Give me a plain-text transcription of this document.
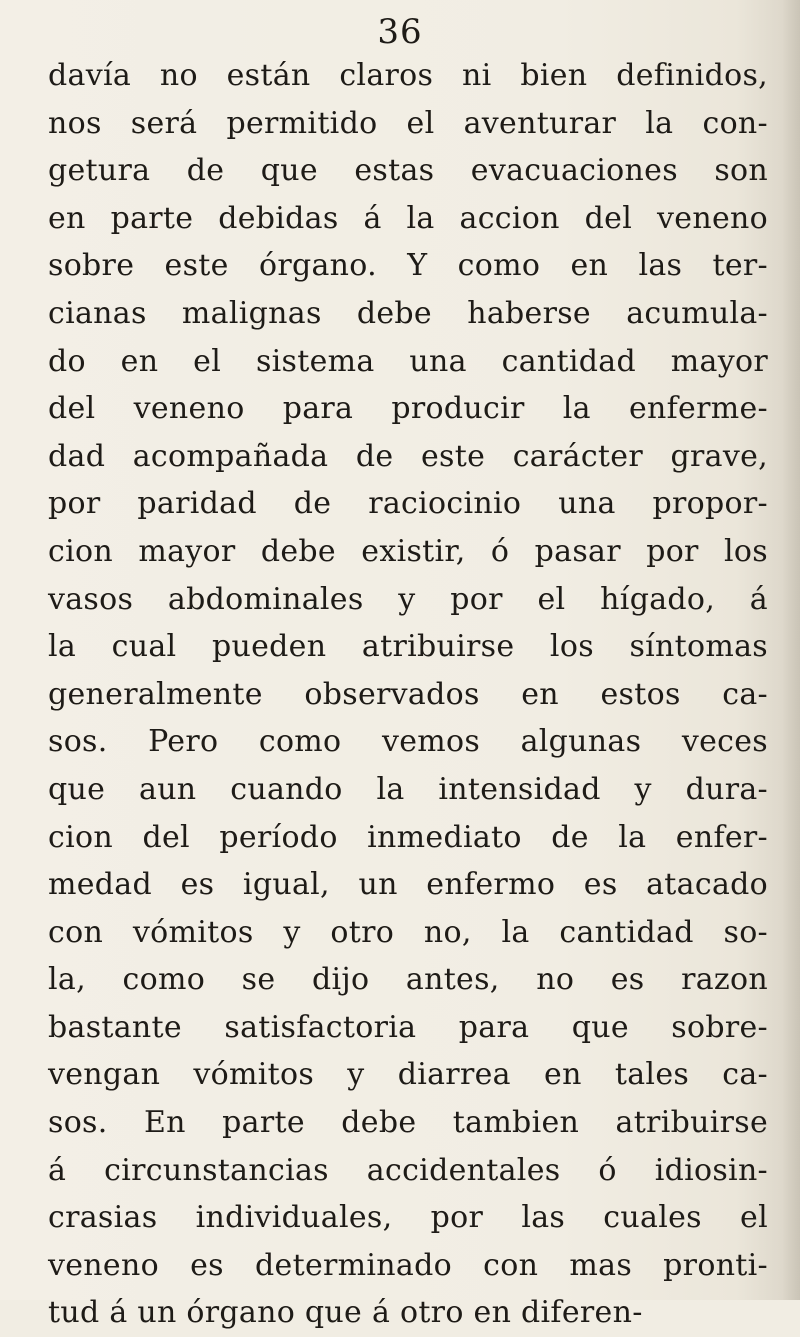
36
davía no están claros ni bien definidos,
nos será permitido el aventurar la con-
getura de que estas evacuaciones son
en parte debidas á la accion del veneno
sobre este órgano. Y como en las ter-
cianas malignas debe haberse acumula-
do en el sistema una cantidad mayor
del veneno para producir la enferme-
dad acompañada de este carácter grave,
por paridad de raciocinio una propor-
cion mayor debe existir, ó pasar por los
vasos abdominales y por el hígado, á
la cual pueden atribuirse los síntomas
generalmente observados en estos ca-
sos. Pero como vemos algunas veces
que aun cuando la intensidad y dura-
cion del período inmediato de la enfer-
medad es igual, un enfermo es atacado
con vómitos y otro no, la cantidad so-
la, como se dijo antes, no es razon
bastante satisfactoria para que sobre-
vengan vómitos y diarrea en tales ca-
sos. En parte debe tambien atribuirse
á circunstancias accidentales ó idiosin-
crasias individuales, por las cuales el
veneno es determinado con mas pronti-
tud á un órgano que á otro en diferen-
